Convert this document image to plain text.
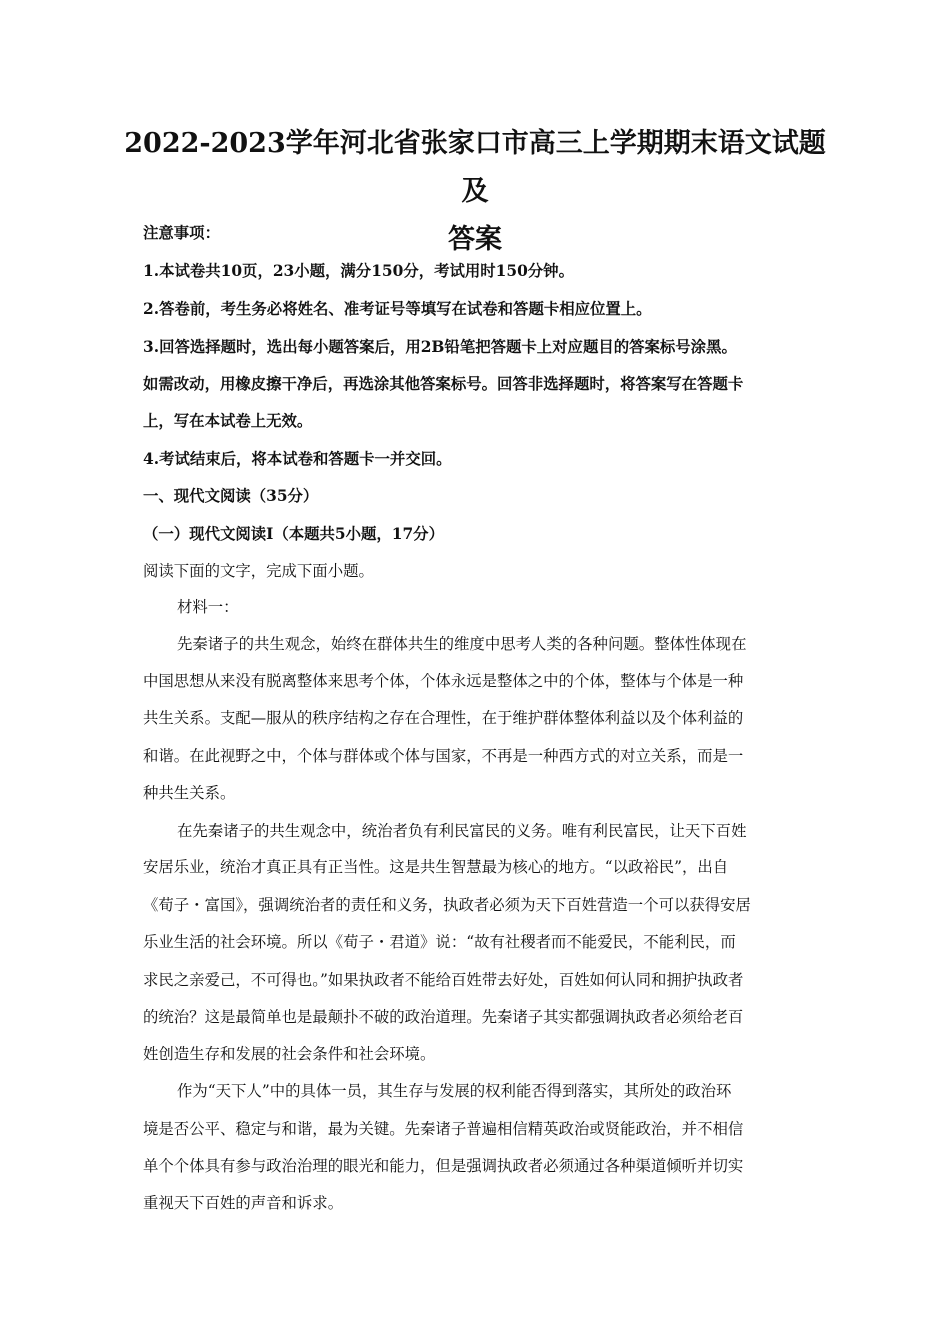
2022-2023学年河北省张家口市高三上学期期末语文试题及
答案

注意事项：

1.本试卷共10页，23小题，满分150分，考试用时150分钟。

2.答卷前，考生务必将姓名、准考证号等填写在试卷和答题卡相应位置上。

3.回答选择题时，选出每小题答案后，用2B铅笔把答题卡上对应题目的答案标号涂黑。

如需改动，用橡皮擦干净后，再选涂其他答案标号。回答非选择题时，将答案写在答题卡

上，写在本试卷上无效。

4.考试结束后，将本试卷和答题卡一并交回。

一、现代文阅读（35分）

（一）现代文阅读Ⅰ（本题共5小题，17分）

阅读下面的文字，完成下面小题。

材料一：

先秦诸子的共生观念，始终在群体共生的维度中思考人类的各种问题。整体性体现在

中国思想从来没有脱离整体来思考个体，个体永远是整体之中的个体，整体与个体是一种

共生关系。支配—服从的秩序结构之存在合理性，在于维护群体整体利益以及个体利益的

和谐。在此视野之中，个体与群体或个体与国家，不再是一种西方式的对立关系，而是一

种共生关系。

在先秦诸子的共生观念中，统治者负有利民富民的义务。唯有利民富民，让天下百姓

安居乐业，统治才真正具有正当性。这是共生智慧最为核心的地方。“以政裕民”，出自

《荀子・富国》，强调统治者的责任和义务，执政者必须为天下百姓营造一个可以获得安居

乐业生活的社会环境。所以《荀子・君道》说：“故有社稷者而不能爱民，不能利民，而

求民之亲爱己，不可得也。”如果执政者不能给百姓带去好处，百姓如何认同和拥护执政者

的统治？这是最简单也是最颠扑不破的政治道理。先秦诸子其实都强调执政者必须给老百

姓创造生存和发展的社会条件和社会环境。

作为“天下人”中的具体一员，其生存与发展的权利能否得到落实，其所处的政治环

境是否公平、稳定与和谐，最为关键。先秦诸子普遍相信精英政治或贤能政治，并不相信

单个个体具有参与政治治理的眼光和能力，但是强调执政者必须通过各种渠道倾听并切实

重视天下百姓的声音和诉求。
